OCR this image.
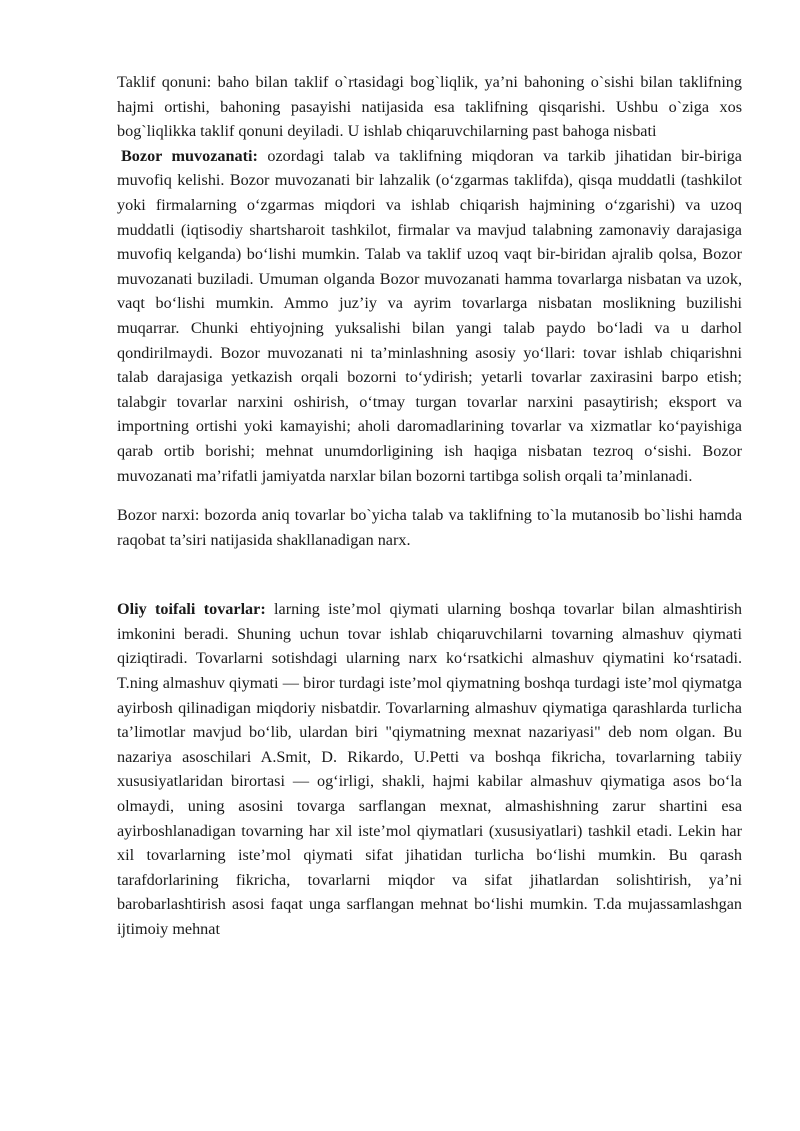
Taklif qonuni: baho bilan taklif o`rtasidagi bog`liqlik, ya’ni bahoning o`sishi bilan taklifning hajmi ortishi, bahoning pasayishi natijasida esa taklifning qisqarishi. Ushbu o`ziga xos bog`liqlikka taklif qonuni deyiladi. U ishlab chiqaruvchilarning past bahoga nisbati

Bozor muvozanati: ozordagi talab va taklifning miqdoran va tarkib jihatidan bir-biriga muvofiq kelishi. Bozor muvozanati bir lahzalik (o‘zgarmas taklifda), qisqa muddatli (tashkilot yoki firmalarning o‘zgarmas miqdori va ishlab chiqarish hajmining o‘zgarishi) va uzoq muddatli (iqtisodiy shartsharoit tashkilot, firmalar va mavjud talabning zamonaviy darajasiga muvofiq kelganda) bo‘lishi mumkin. Talab va taklif uzoq vaqt bir-biridan ajralib qolsa, Bozor muvozanati buziladi. Umuman olganda Bozor muvozanati hamma tovarlarga nisbatan va uzok, vaqt bo‘lishi mumkin. Ammo juz’iy va ayrim tovarlarga nisbatan moslikning buzilishi muqarrar. Chunki ehtiyojning yuksalishi bilan yangi talab paydo bo‘ladi va u darhol qondirilmaydi. Bozor muvozanati ni ta’minlashning asosiy yo‘llari: tovar ishlab chiqarishni talab darajasiga yetkazish orqali bozorni to‘ydirish; yetarli tovarlar zaxirasini barpo etish; talabgir tovarlar narxini oshirish, o‘tmay turgan tovarlar narxini pasaytirish; eksport va importning ortishi yoki kamayishi; aholi daromadlarining tovarlar va xizmatlar ko‘payishiga qarab ortib borishi; mehnat unumdorligining ish haqiga nisbatan tezroq o‘sishi. Bozor muvozanati ma’rifatli jamiyatda narxlar bilan bozorni tartibga solish orqali ta’minlanadi.

Bozor narxi: bozorda aniq tovarlar bo`yicha talab va taklifning to`la mutanosib bo`lishi hamda raqobat ta’siri natijasida shakllanadigan narx.

Oliy toifali tovarlar: larning iste’mol qiymati ularning boshqa tovarlar bilan almashtirish imkonini beradi. Shuning uchun tovar ishlab chiqaruvchilarni tovarning almashuv qiymati qiziqtiradi. Tovarlarni sotishdagi ularning narx ko‘rsatkichi almashuv qiymatini ko‘rsatadi. T.ning almashuv qiymati — biror turdagi iste’mol qiymatning boshqa turdagi iste’mol qiymatga ayirbosh qilinadigan miqdoriy nisbatdir. Tovarlarning almashuv qiymatiga qarashlarda turlicha ta’limotlar mavjud bo‘lib, ulardan biri "qiymatning mexnat nazariyasi" deb nom olgan. Bu nazariya asoschilari A.Smit, D. Rikardo, U.Petti va boshqa fikricha, tovarlarning tabiiy xususiyatlaridan birortasi — og‘irligi, shakli, hajmi kabilar almashuv qiymatiga asos bo‘la olmaydi, uning asosini tovarga sarflangan mexnat, almashishning zarur shartini esa ayirboshlanadigan tovarning har xil iste’mol qiymatlari (xususiyatlari) tashkil etadi. Lekin har xil tovarlarning iste’mol qiymati sifat jihatidan turlicha bo‘lishi mumkin. Bu qarash tarafdorlarining fikricha, tovarlarni miqdor va sifat jihatlardan solishtirish, ya’ni barobarlashtirish asosi faqat unga sarflangan mehnat bo‘lishi mumkin. T.da mujassamlashgan ijtimoiy mehnat
